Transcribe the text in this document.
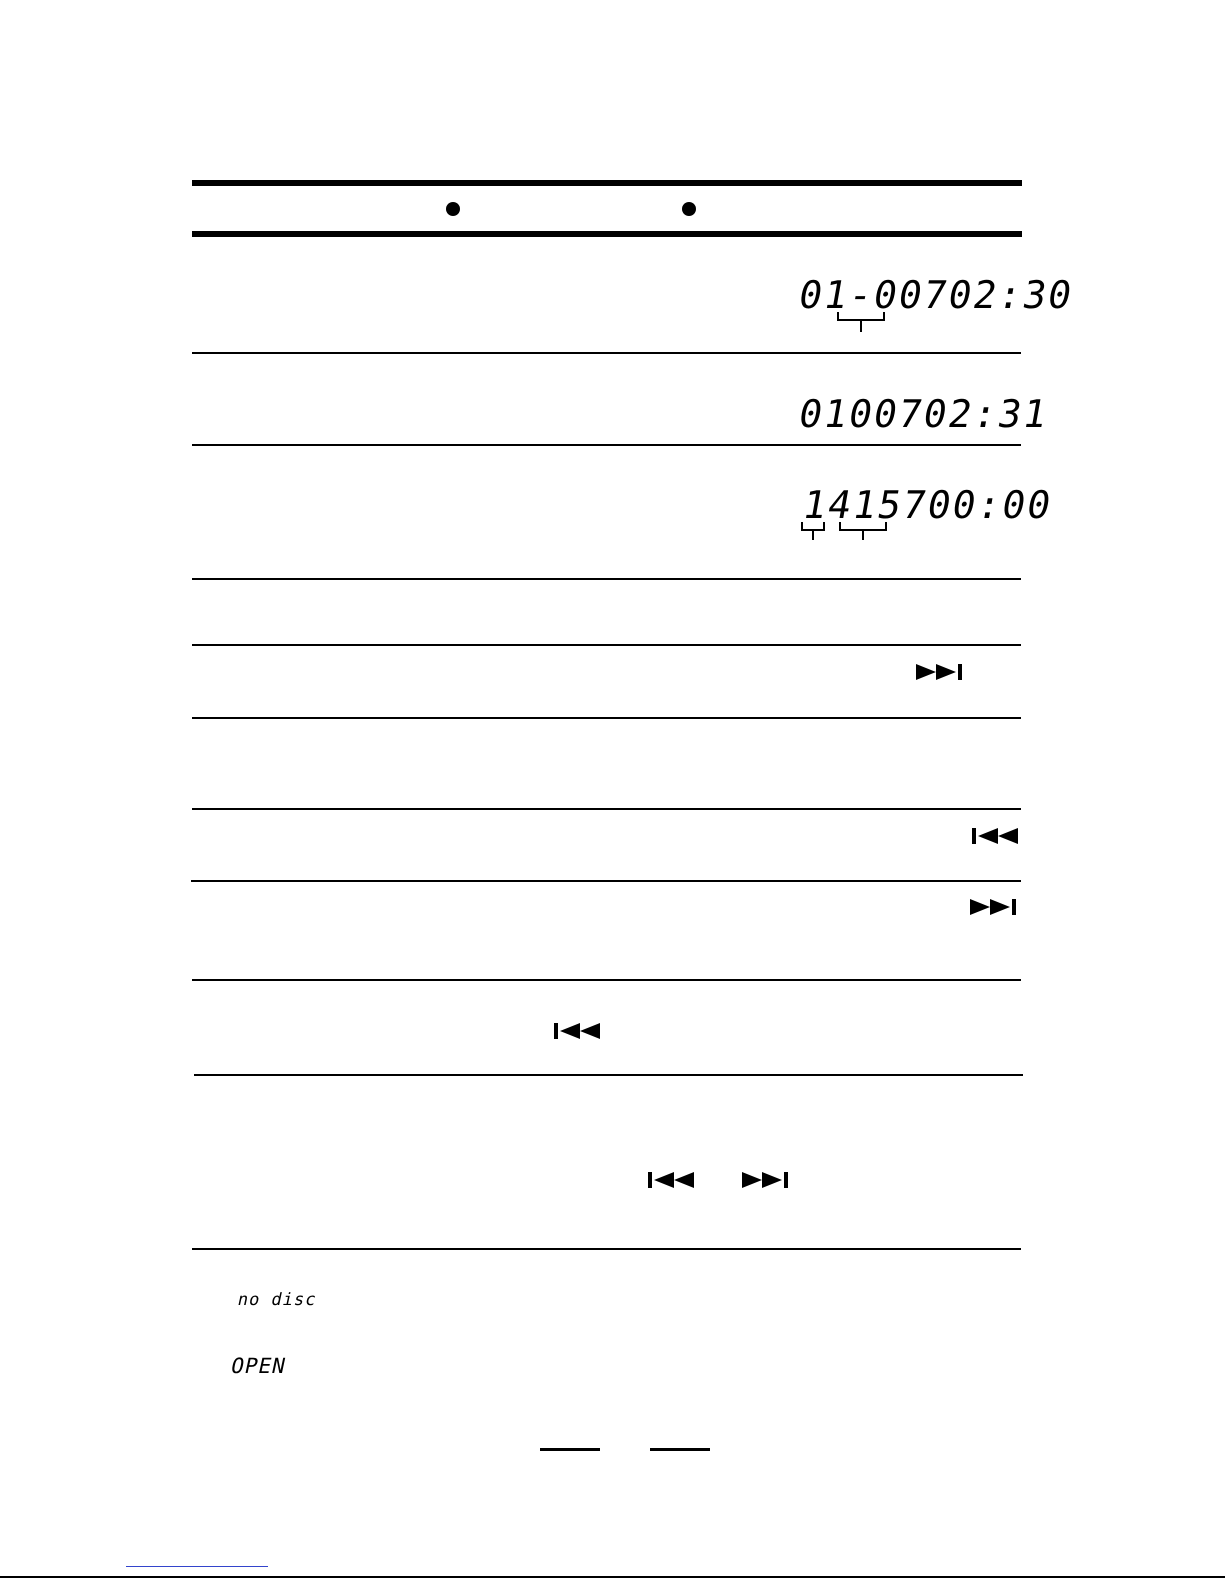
01-00702:30
0100702:31
1415700:00
no disc
OPEN
